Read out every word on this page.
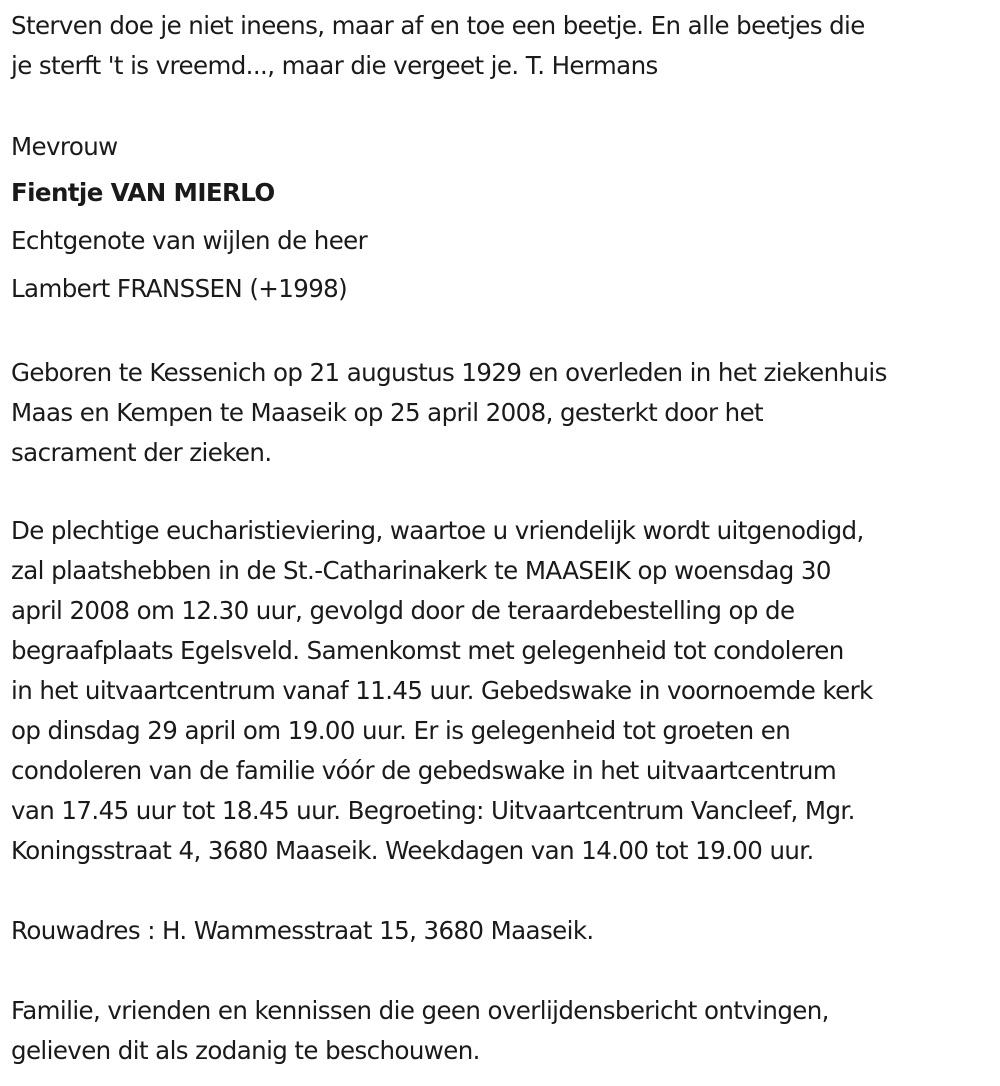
Sterven doe je niet ineens, maar af en toe een beetje. En alle beetjes die
je sterft 't is vreemd..., maar die vergeet je. T. Hermans
Mevrouw
Fientje VAN MIERLO
Echtgenote van wijlen de heer
Lambert FRANSSEN (+1998)
Geboren te Kessenich op 21 augustus 1929 en overleden in het ziekenhuis
Maas en Kempen te Maaseik op 25 april 2008, gesterkt door het
sacrament der zieken.
De plechtige eucharistieviering, waartoe u vriendelijk wordt uitgenodigd,
zal plaatshebben in de St.-Catharinakerk te MAASEIK op woensdag 30
april 2008 om 12.30 uur, gevolgd door de teraardebestelling op de
begraafplaats Egelsveld. Samenkomst met gelegenheid tot condoleren
in het uitvaartcentrum vanaf 11.45 uur. Gebedswake in voornoemde kerk
op dinsdag 29 april om 19.00 uur. Er is gelegenheid tot groeten en
condoleren van de familie vóór de gebedswake in het uitvaartcentrum
van 17.45 uur tot 18.45 uur. Begroeting: Uitvaartcentrum Vancleef, Mgr.
Koningsstraat 4, 3680 Maaseik. Weekdagen van 14.00 tot 19.00 uur.
Rouwadres : H. Wammesstraat 15, 3680 Maaseik.
Familie, vrienden en kennissen die geen overlijdensbericht ontvingen,
gelieven dit als zodanig te beschouwen.
